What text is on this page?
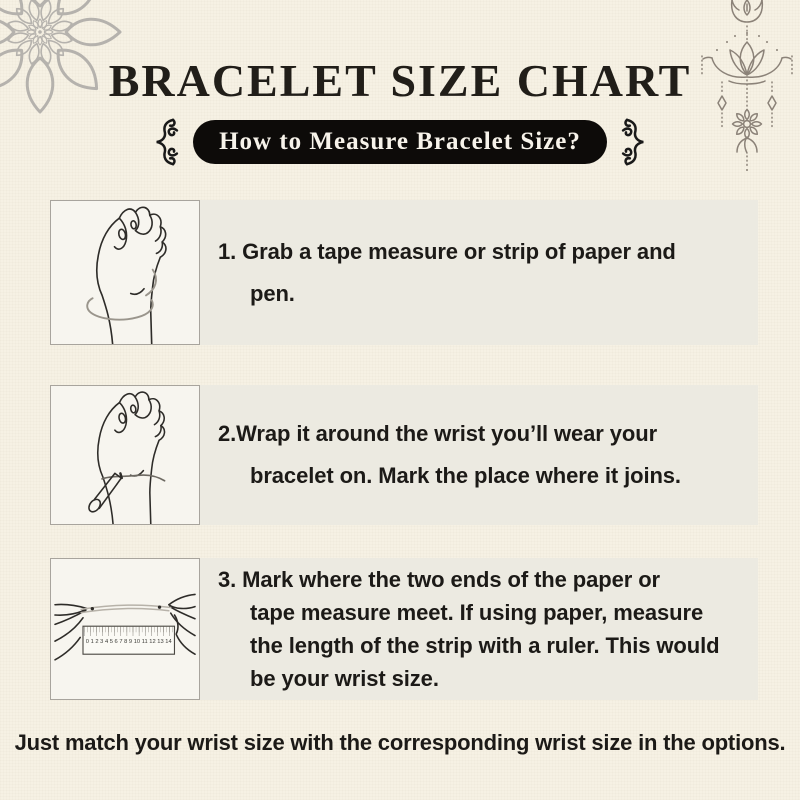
BRACELET SIZE CHART
How to Measure Bracelet Size?
1. Grab a tape measure or strip of paper and
pen.
2.Wrap it around the wrist you’ll wear your
bracelet on. Mark the place where it joins.
0 1 2 3 4 5 6 7 8 9 10 11 12 13 14
3. Mark where the two ends of the paper or
tape measure meet. If using paper, measure
the length of the strip with a ruler. This would
be your wrist size.

Just match your wrist size with the corresponding wrist size in the options.
